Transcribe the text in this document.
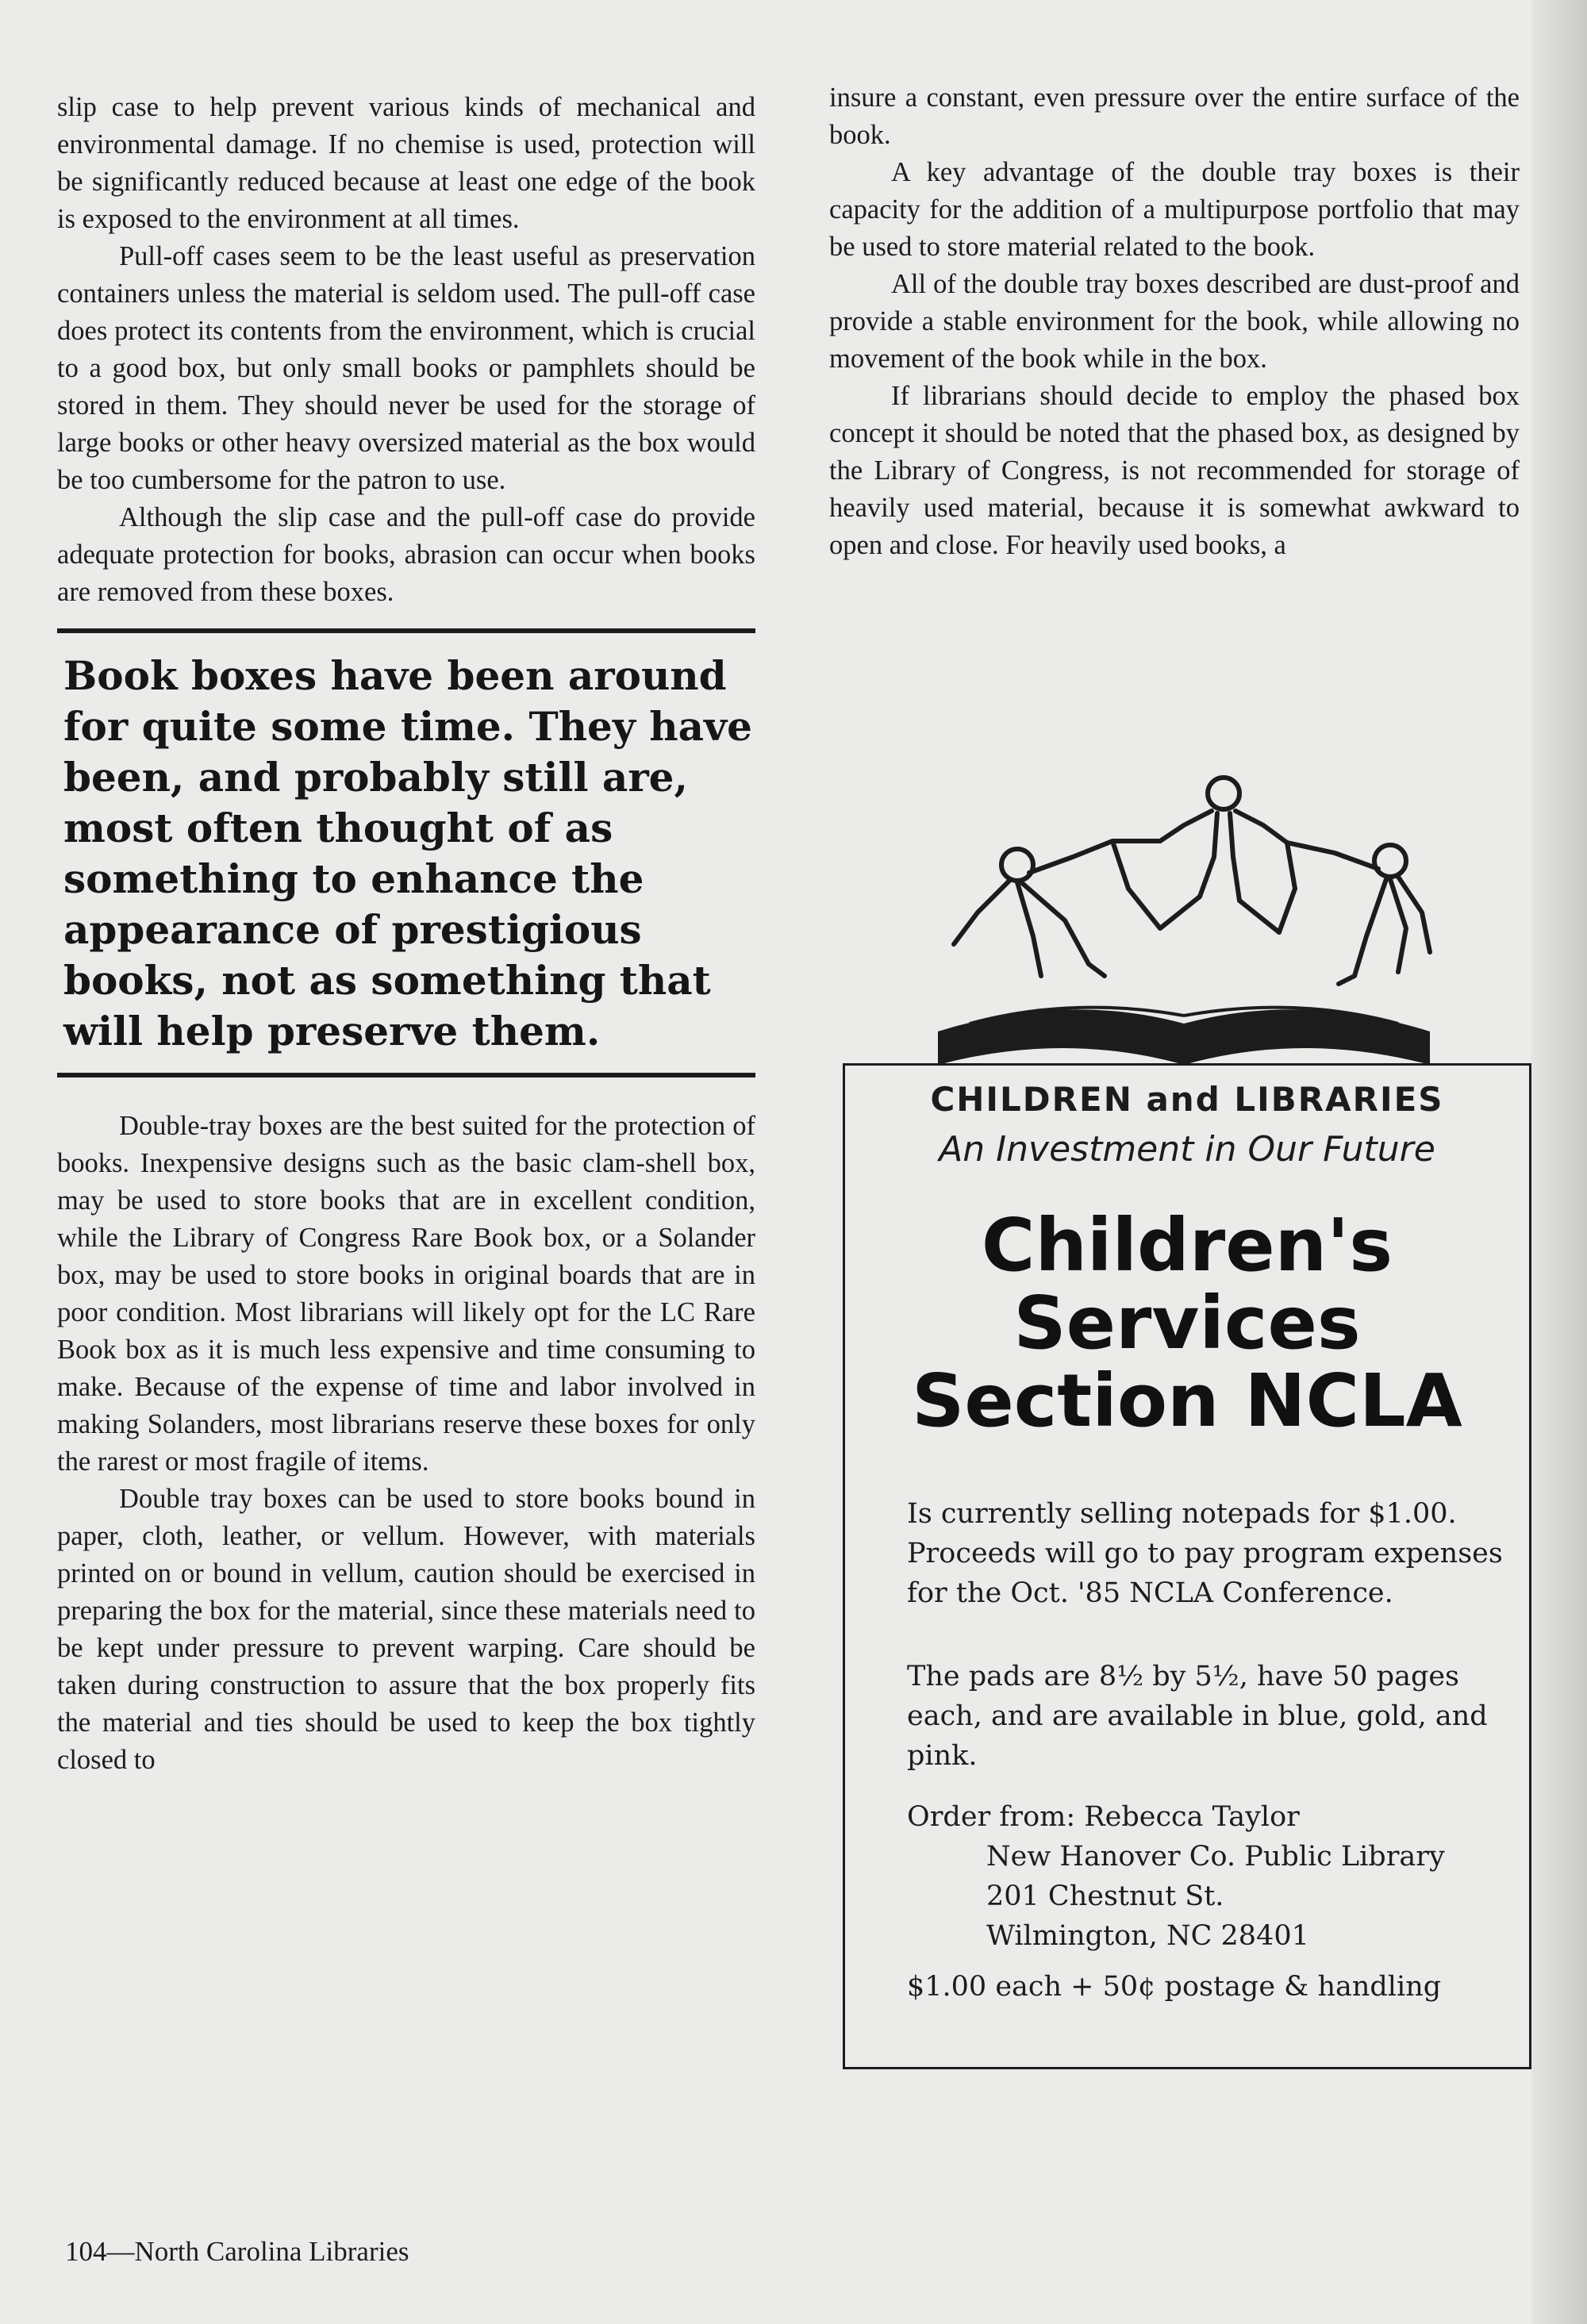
slip case to help prevent various kinds of mechanical and environmental damage. If no chemise is used, protection will be significantly reduced because at least one edge of the book is exposed to the environment at all times.

Pull-off cases seem to be the least useful as preservation containers unless the material is seldom used. The pull-off case does protect its contents from the environment, which is crucial to a good box, but only small books or pamphlets should be stored in them. They should never be used for the storage of large books or other heavy oversized material as the box would be too cumbersome for the patron to use.

Although the slip case and the pull-off case do provide adequate protection for books, abrasion can occur when books are removed from these boxes.

Book boxes have been around for quite some time. They have been, and probably still are, most often thought of as something to enhance the appearance of prestigious books, not as something that will help preserve them.

Double-tray boxes are the best suited for the protection of books. Inexpensive designs such as the basic clam-shell box, may be used to store books that are in excellent condition, while the Library of Congress Rare Book box, or a Solander box, may be used to store books in original boards that are in poor condition. Most librarians will likely opt for the LC Rare Book box as it is much less expensive and time consuming to make. Because of the expense of time and labor involved in making Solanders, most librarians reserve these boxes for only the rarest or most fragile of items.

Double tray boxes can be used to store books bound in paper, cloth, leather, or vellum. However, with materials printed on or bound in vellum, caution should be exercised in preparing the box for the material, since these materials need to be kept under pressure to prevent warping. Care should be taken during construction to assure that the box properly fits the material and ties should be used to keep the box tightly closed to

insure a constant, even pressure over the entire surface of the book.

A key advantage of the double tray boxes is their capacity for the addition of a multipurpose portfolio that may be used to store material related to the book.

All of the double tray boxes described are dust-proof and provide a stable environment for the book, while allowing no movement of the book while in the box.

If librarians should decide to employ the phased box concept it should be noted that the phased box, as designed by the Library of Congress, is not recommended for storage of heavily used material, because it is somewhat awkward to open and close. For heavily used books, a

CHILDREN and LIBRARIES
An Investment in Our Future
Children's
Services
Section NCLA
Is currently selling notepads for $1.00. Proceeds will go to pay program expenses for the Oct. '85 NCLA Conference.
The pads are 8½ by 5½, have 50 pages each, and are available in blue, gold, and pink.
Order from: Rebecca Taylor
New Hanover Co. Public Library
201 Chestnut St.
Wilmington, NC 28401
$1.00 each + 50¢ postage & handling
104—North Carolina Libraries
